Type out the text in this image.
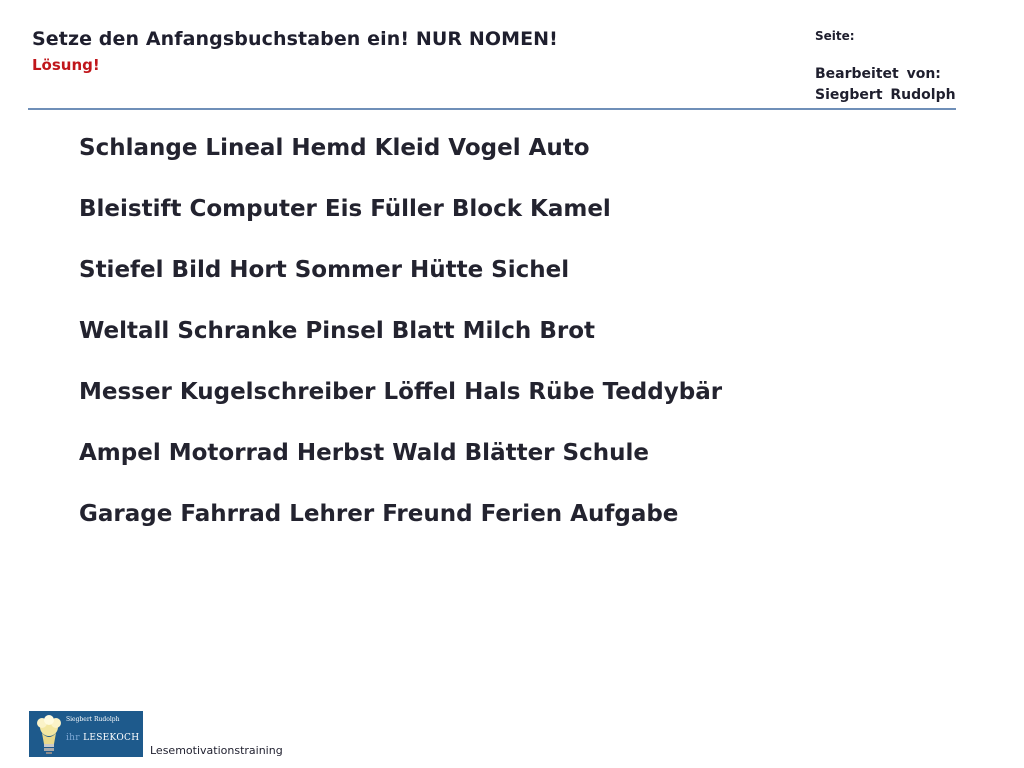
Setze den Anfangsbuchstaben ein! NUR NOMEN!
Lösung!
Seite:
Bearbeitet von:
Siegbert Rudolph
Schlange Lineal Hemd Kleid Vogel Auto
Bleistift Computer Eis Füller Block Kamel
Stiefel Bild Hort Sommer Hütte Sichel
Weltall Schranke Pinsel Blatt Milch Brot
Messer Kugelschreiber Löffel Hals Rübe Teddybär
Ampel Motorrad Herbst Wald Blätter Schule
Garage Fahrrad Lehrer Freund Ferien Aufgabe
Siegbert Rudolph
ihr LESEKOCH
Lesemotivationstraining
